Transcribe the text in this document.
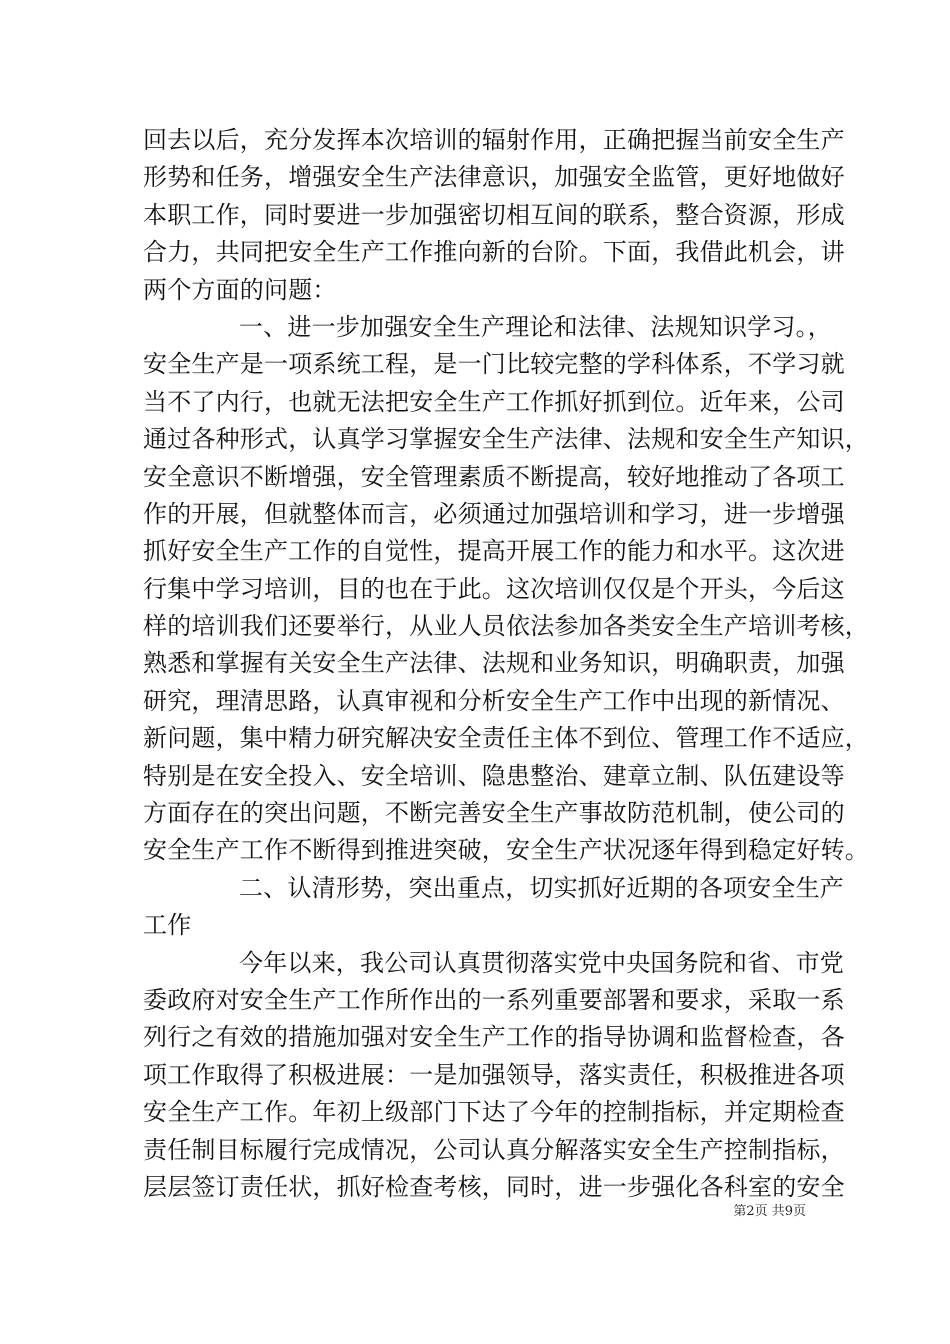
回去以后，充分发挥本次培训的辐射作用，正确把握当前安全生产
形势和任务，增强安全生产法律意识，加强安全监管，更好地做好
本职工作，同时要进一步加强密切相互间的联系，整合资源，形成
合力，共同把安全生产工作推向新的台阶。下面，我借此机会，讲
两个方面的问题：
一、进一步加强安全生产理论和法律、法规知识学习。，
安全生产是一项系统工程，是一门比较完整的学科体系，不学习就
当不了内行，也就无法把安全生产工作抓好抓到位。近年来，公司
通过各种形式，认真学习掌握安全生产法律、法规和安全生产知识，
安全意识不断增强，安全管理素质不断提高，较好地推动了各项工
作的开展，但就整体而言，必须通过加强培训和学习，进一步增强
抓好安全生产工作的自觉性，提高开展工作的能力和水平。这次进
行集中学习培训，目的也在于此。这次培训仅仅是个开头，今后这
样的培训我们还要举行，从业人员依法参加各类安全生产培训考核，
熟悉和掌握有关安全生产法律、法规和业务知识，明确职责，加强
研究，理清思路，认真审视和分析安全生产工作中出现的新情况、
新问题，集中精力研究解决安全责任主体不到位、管理工作不适应，
特别是在安全投入、安全培训、隐患整治、建章立制、队伍建设等
方面存在的突出问题，不断完善安全生产事故防范机制，使公司的
安全生产工作不断得到推进突破，安全生产状况逐年得到稳定好转。
二、认清形势，突出重点，切实抓好近期的各项安全生产
工作
今年以来，我公司认真贯彻落实党中央国务院和省、市党
委政府对安全生产工作所作出的一系列重要部署和要求，采取一系
列行之有效的措施加强对安全生产工作的指导协调和监督检查，各
项工作取得了积极进展：一是加强领导，落实责任，积极推进各项
安全生产工作。年初上级部门下达了今年的控制指标，并定期检查
责任制目标履行完成情况，公司认真分解落实安全生产控制指标，
层层签订责任状，抓好检查考核，同时，进一步强化各科室的安全
第2页 共9页
